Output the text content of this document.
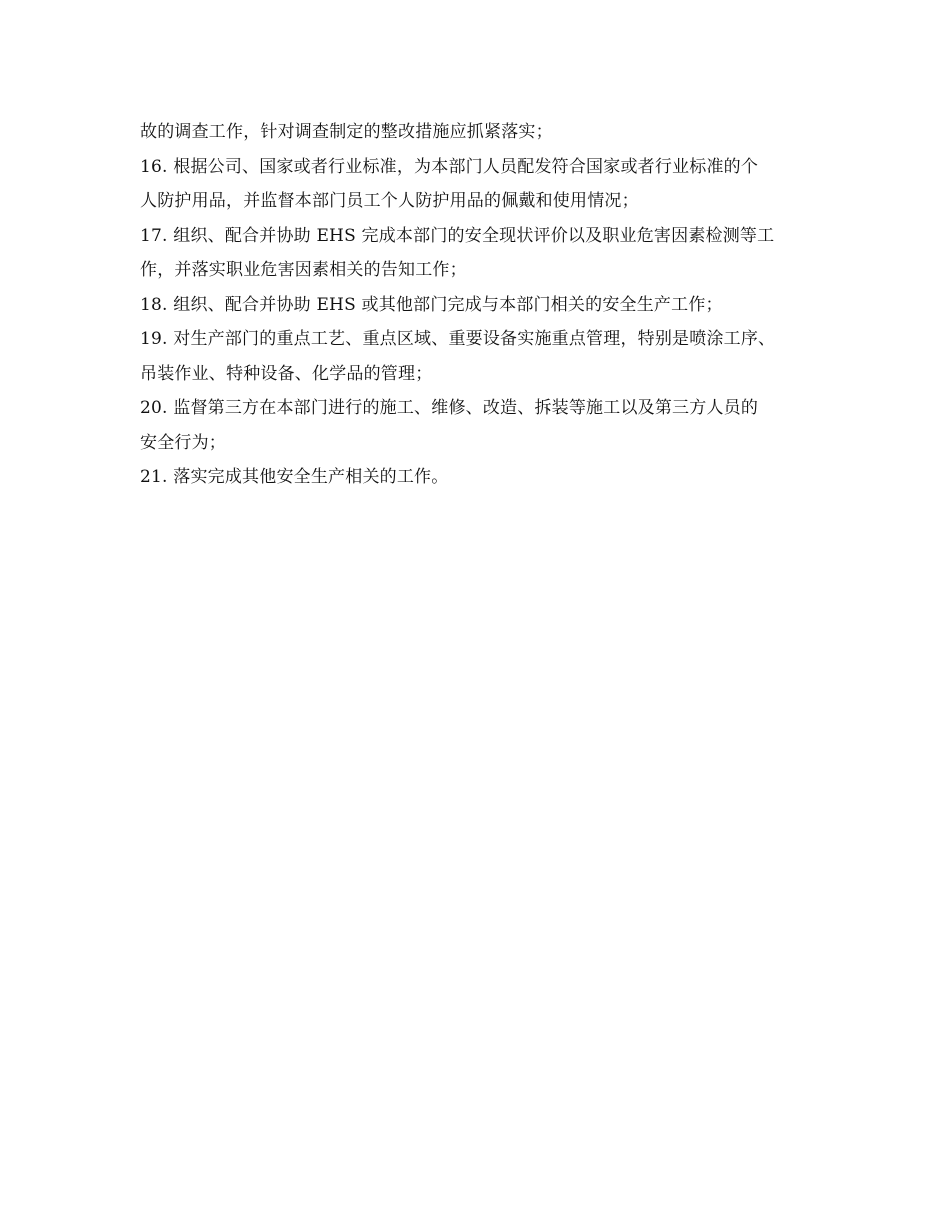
故的调查工作，针对调查制定的整改措施应抓紧落实；
16. 根据公司、国家或者行业标准，为本部门人员配发符合国家或者行业标准的个
人防护用品，并监督本部门员工个人防护用品的佩戴和使用情况；
17. 组织、配合并协助 EHS 完成本部门的安全现状评价以及职业危害因素检测等工
作，并落实职业危害因素相关的告知工作；
18. 组织、配合并协助 EHS 或其他部门完成与本部门相关的安全生产工作；
19. 对生产部门的重点工艺、重点区域、重要设备实施重点管理，特别是喷涂工序、
吊装作业、特种设备、化学品的管理；
20. 监督第三方在本部门进行的施工、维修、改造、拆装等施工以及第三方人员的
安全行为；
21. 落实完成其他安全生产相关的工作。
